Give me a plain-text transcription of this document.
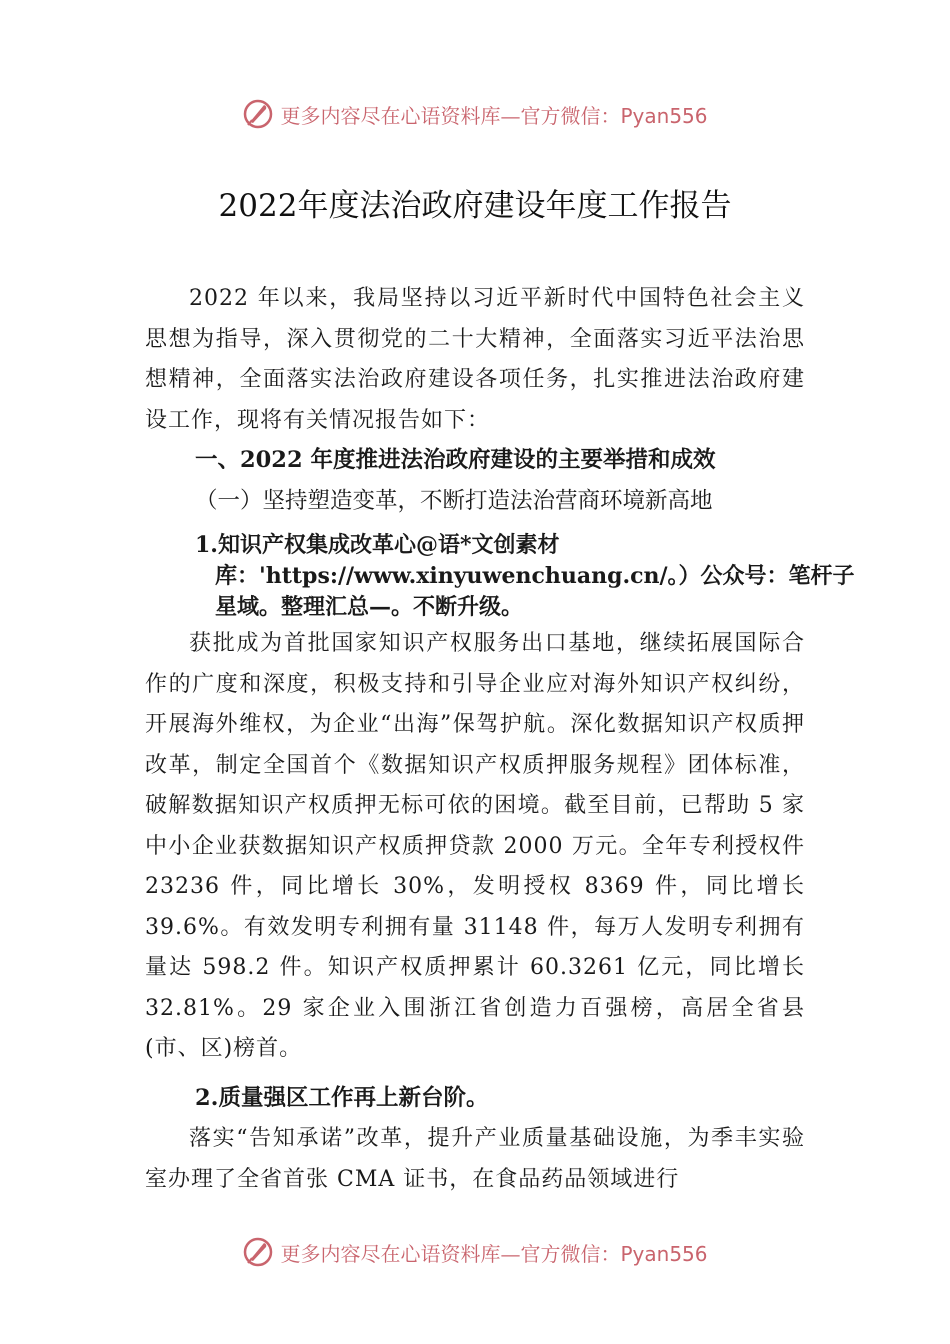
更多内容尽在心语资料库—官方微信：Pyan556
2022年度法治政府建设年度工作报告

2022 年以来，我局坚持以习近平新时代中国特色社会主义思想为指导，深入贯彻党的二十大精神，全面落实习近平法治思想精神，全面落实法治政府建设各项任务，扎实推进法治政府建设工作，现将有关情况报告如下：

一、2022 年度推进法治政府建设的主要举措和成效

（一）坚持塑造变革，不断打造法治营商环境新高地

1.知识产权集成改革心@语*文创素材库：'https://www.xinyuwenchuang.cn/。）公众号：笔杆子星域。整理汇总—。不断升级。

获批成为首批国家知识产权服务出口基地，继续拓展国际合作的广度和深度，积极支持和引导企业应对海外知识产权纠纷，开展海外维权，为企业“出海”保驾护航。深化数据知识产权质押改革，制定全国首个《数据知识产权质押服务规程》团体标准，破解数据知识产权质押无标可依的困境。截至目前，已帮助 5 家中小企业获数据知识产权质押贷款 2000 万元。全年专利授权件 23236 件，同比增长 30%，发明授权 8369 件，同比增长 39.6%。有效发明专利拥有量 31148 件，每万人发明专利拥有量达 598.2 件。知识产权质押累计 60.3261 亿元，同比增长 32.81%。29 家企业入围浙江省创造力百强榜，高居全省县(市、区)榜首。

2.质量强区工作再上新台阶。

落实“告知承诺”改革，提升产业质量基础设施，为季丰实验室办理了全省首张 CMA 证书，在食品药品领域进行

更多内容尽在心语资料库—官方微信：Pyan556
